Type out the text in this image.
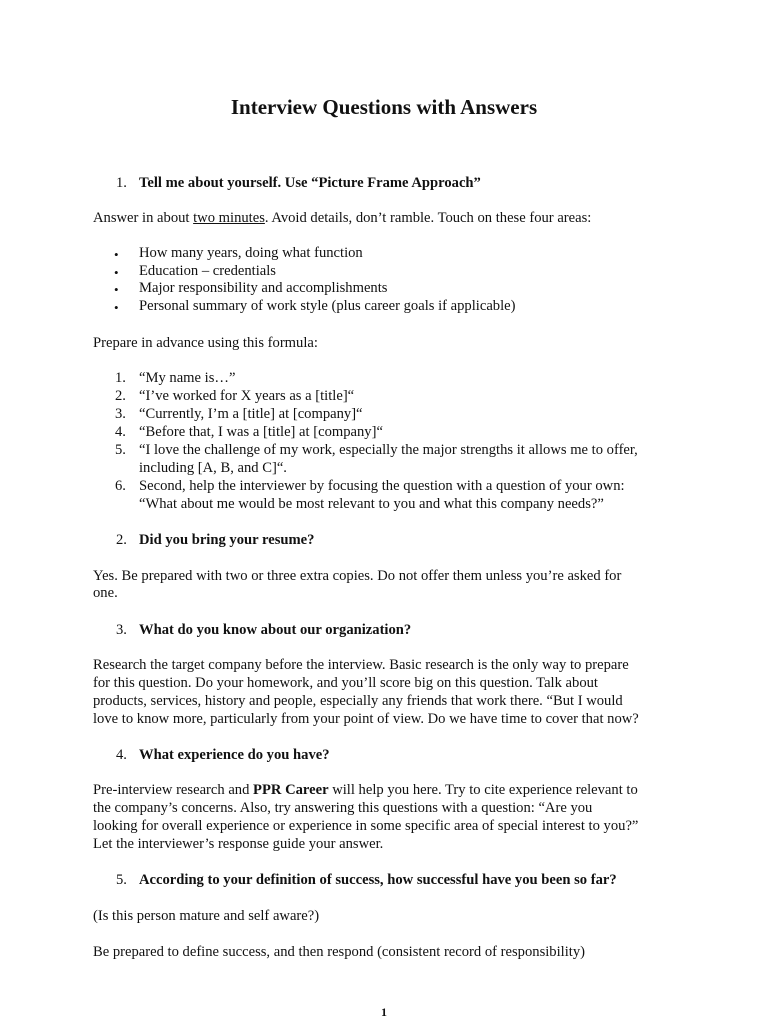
Interview Questions with Answers
1. Tell me about yourself. Use “Picture Frame Approach”
Answer in about two minutes. Avoid details, don’t ramble. Touch on these four areas:
• How many years, doing what function
• Education – credentials
• Major responsibility and accomplishments
• Personal summary of work style (plus career goals if applicable)
Prepare in advance using this formula:
1. “My name is…”
2. “I’ve worked for X years as a [title]“
3. “Currently, I’m a [title] at [company]“
4. “Before that, I was a [title] at [company]“
5. “I love the challenge of my work, especially the major strengths it allows me to offer,
including [A, B, and C]“.
6. Second, help the interviewer by focusing the question with a question of your own:
“What about me would be most relevant to you and what this company needs?”
2. Did you bring your resume?
Yes. Be prepared with two or three extra copies. Do not offer them unless you’re asked for
one.
3. What do you know about our organization?
Research the target company before the interview. Basic research is the only way to prepare
for this question. Do your homework, and you’ll score big on this question. Talk about
products, services, history and people, especially any friends that work there. “But I would
love to know more, particularly from your point of view. Do we have time to cover that now?
4. What experience do you have?
Pre-interview research and PPR Career will help you here. Try to cite experience relevant to
the company’s concerns. Also, try answering this questions with a question: “Are you
looking for overall experience or experience in some specific area of special interest to you?”
Let the interviewer’s response guide your answer.
5. According to your definition of success, how successful have you been so far?
(Is this person mature and self aware?)
Be prepared to define success, and then respond (consistent record of responsibility)
1
